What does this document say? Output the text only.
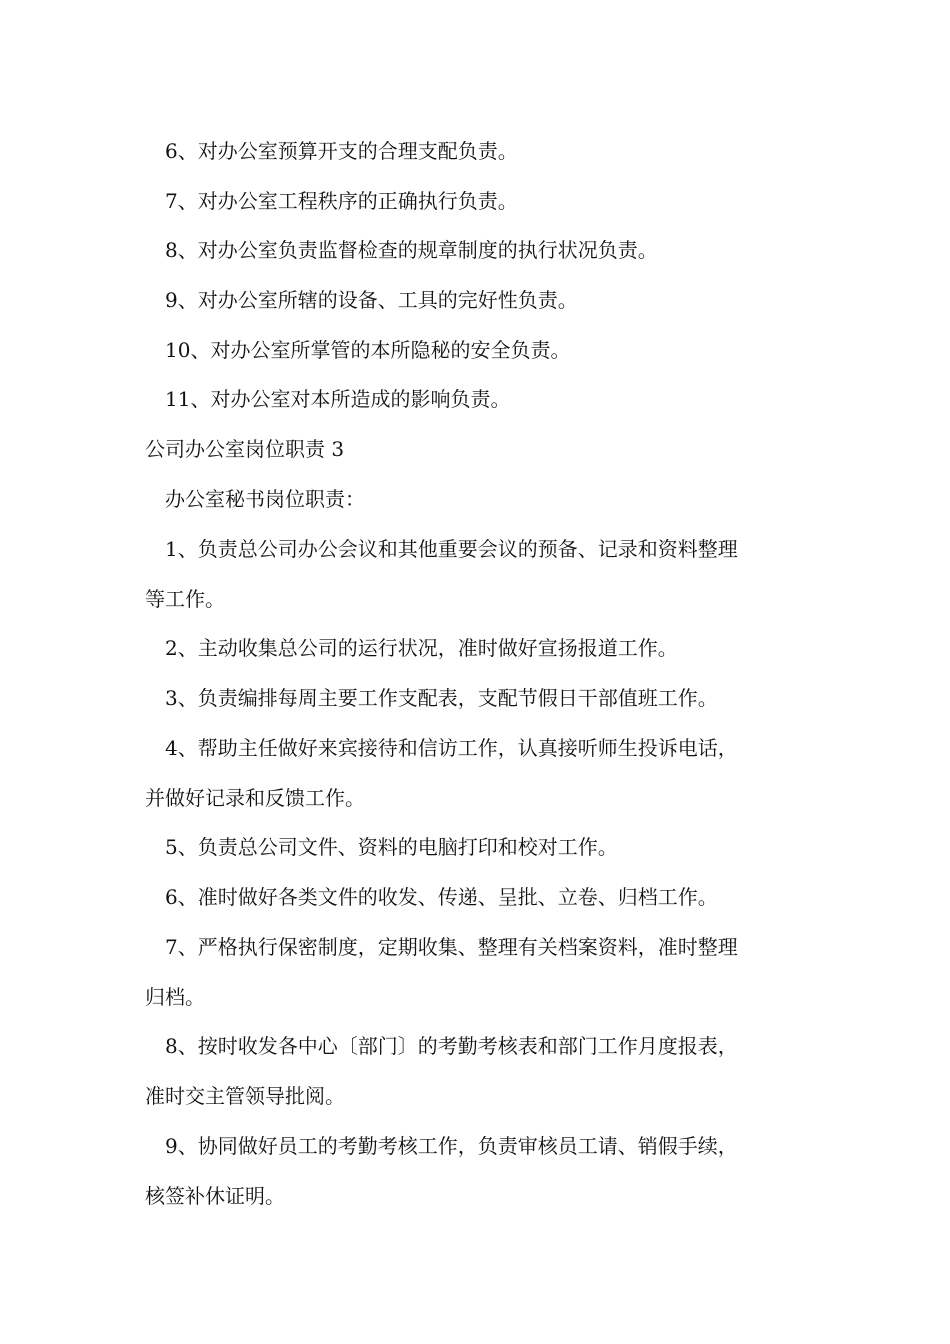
6、对办公室预算开支的合理支配负责。
7、对办公室工程秩序的正确执行负责。
8、对办公室负责监督检查的规章制度的执行状况负责。
9、对办公室所辖的设备、工具的完好性负责。
10、对办公室所掌管的本所隐秘的安全负责。
11、对办公室对本所造成的影响负责。
公司办公室岗位职责 3
办公室秘书岗位职责：
1、负责总公司办公会议和其他重要会议的预备、记录和资料整理
等工作。
2、主动收集总公司的运行状况，准时做好宣扬报道工作。
3、负责编排每周主要工作支配表，支配节假日干部值班工作。
4、帮助主任做好来宾接待和信访工作，认真接听师生投诉电话，
并做好记录和反馈工作。
5、负责总公司文件、资料的电脑打印和校对工作。
6、准时做好各类文件的收发、传递、呈批、立卷、归档工作。
7、严格执行保密制度，定期收集、整理有关档案资料，准时整理
归档。
8、按时收发各中心〔部门〕的考勤考核表和部门工作月度报表，
准时交主管领导批阅。
9、协同做好员工的考勤考核工作，负责审核员工请、销假手续，
核签补休证明。
